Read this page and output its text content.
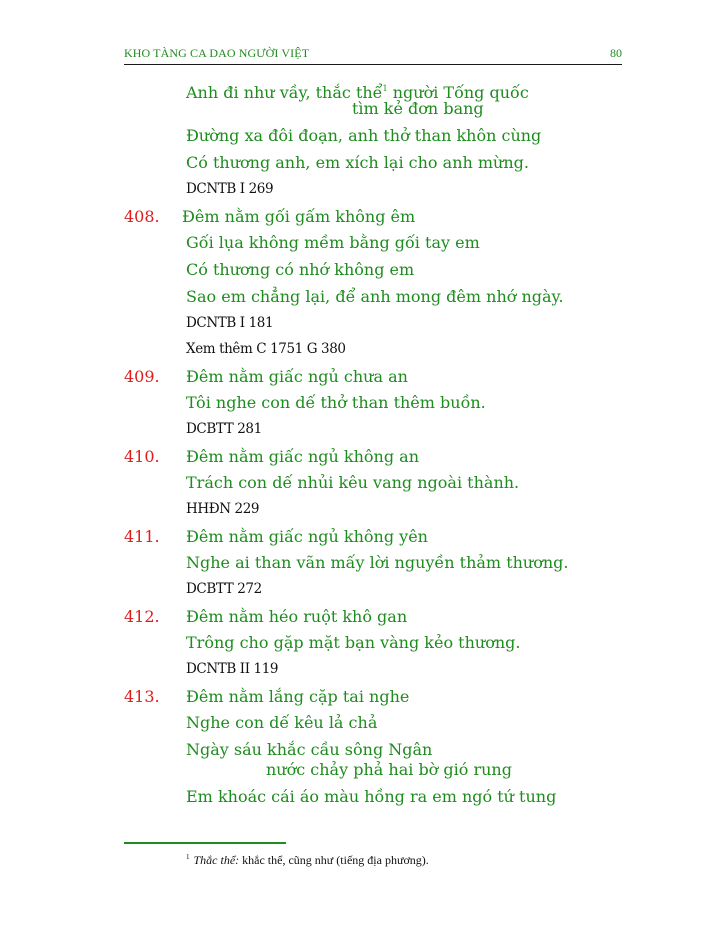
KHO TÀNG CA DAO NGƯỜI VIỆT	80
Anh đi như vầy, thắc thể$^1$ người Tống quốc
tìm kẻ đơn bang
Đường xa đôi đoạn, anh thở than khôn cùng
Có thương anh, em xích lại cho anh mừng.
DCNTB I 269
408. Đêm nằm gối gấm không êm
Gối lụa không mềm bằng gối tay em
Có thương có nhớ không em
Sao em chẳng lại, để anh mong đêm nhớ ngày.
DCNTB I 181
Xem thêm C 1751 G 380
409. Đêm nằm giấc ngủ chưa an
Tôi nghe con dế thở than thêm buồn.
DCBTT 281
410. Đêm nằm giấc ngủ không an
Trách con dế nhủi kêu vang ngoài thành.
HHĐN 229
411. Đêm nằm giấc ngủ không yên
Nghe ai than vãn mấy lời nguyền thảm thương.
DCBTT 272
412. Đêm nằm héo ruột khô gan
Trông cho gặp mặt bạn vàng kẻo thương.
DCNTB II 119
413. Đêm nằm lắng cặp tai nghe
Nghe con dế kêu lả chả
Ngày sáu khắc cầu sông Ngân
nước chảy phả hai bờ gió rung
Em khoác cái áo màu hồng ra em ngó tứ tung
$^1$ Thắc thể: khắc thể, cũng như (tiếng địa phương).
